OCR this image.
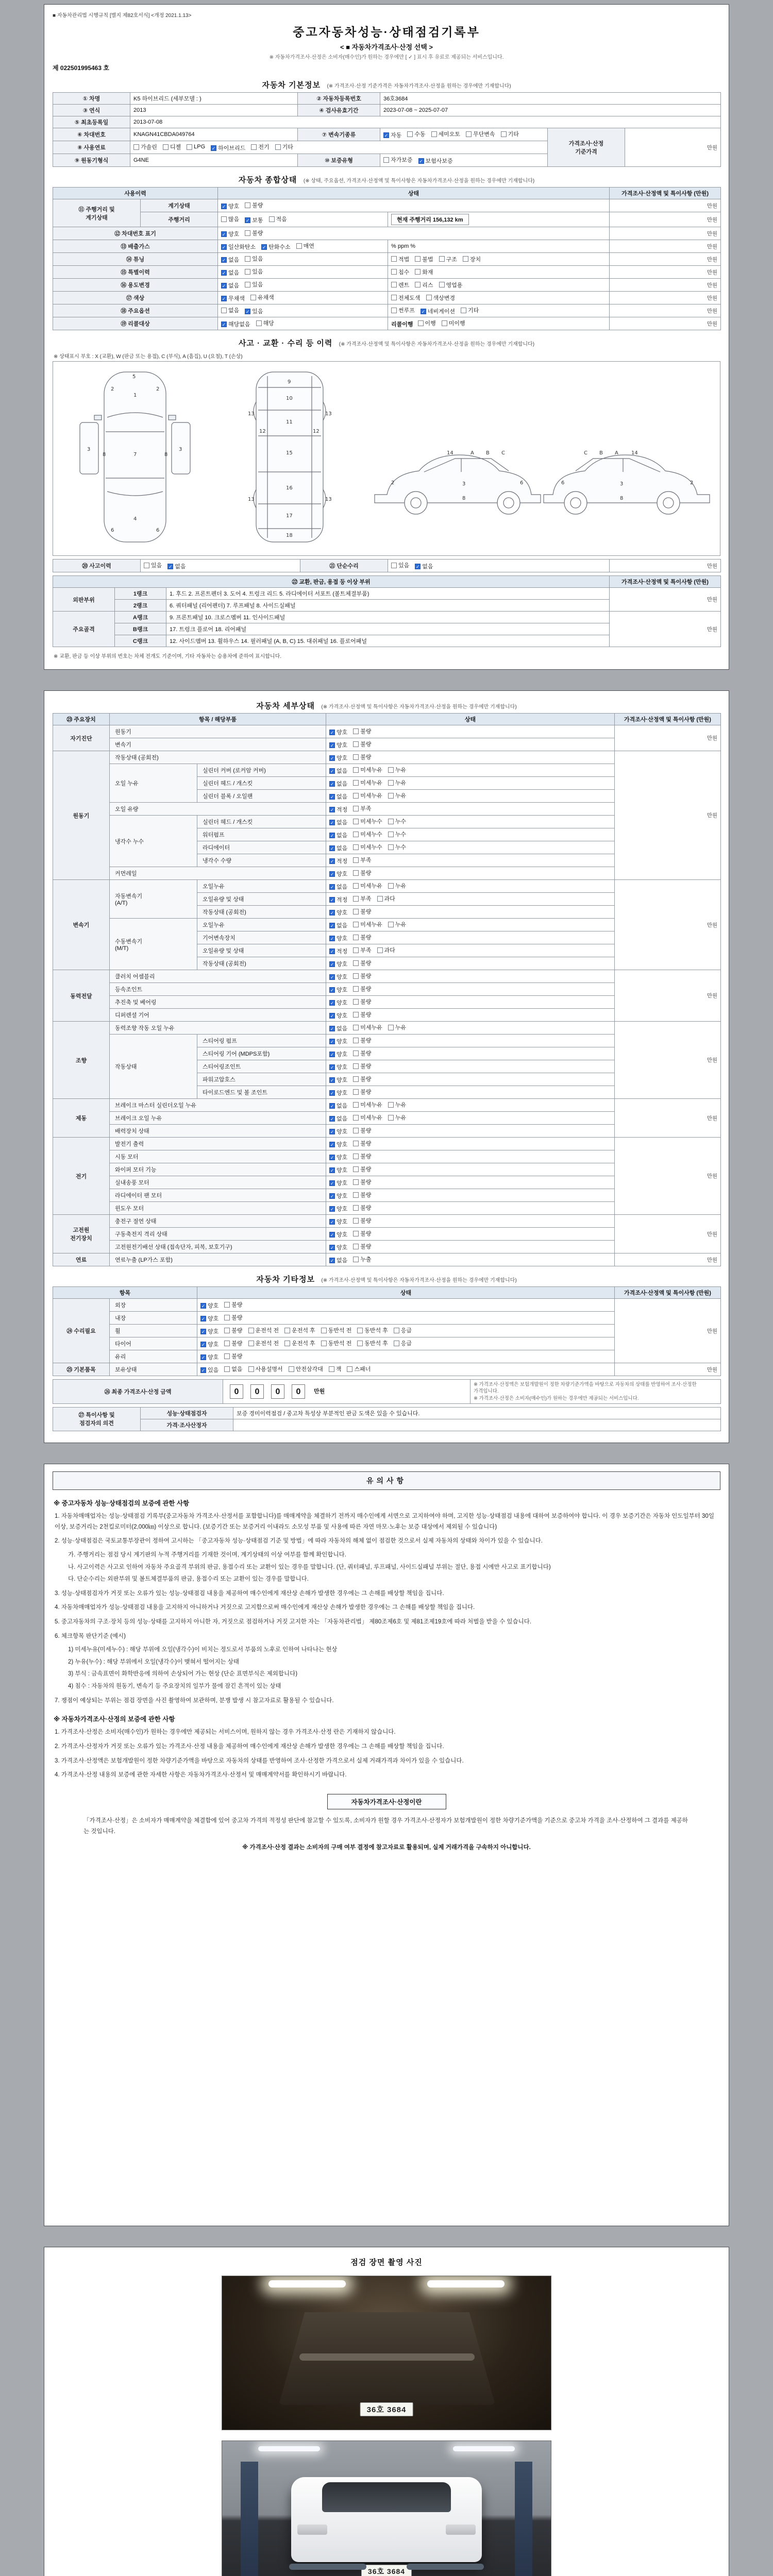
■ 자동차관리법 시행규칙 [별지 제82호서식] <개정 2021.1.13>
중고자동차성능·상태점검기록부
< ■ 자동차가격조사·산정 선택 >
※ 자동차가격조사·산정은 소비자(매수인)가 원하는 경우에만 [ ✓ ] 표시 후 유료로 제공되는 서비스입니다.
제 022501995463 호
자동차 기본정보 (※ 가격조사·산정 기준가격은 자동차가격조사·산정을 원하는 경우에만 기재합니다)
① 차명	K5 하이브리드 (세부모델 : )	② 자동차등록번호	36호3684		
③ 연식	2013	④ 검사유효기간	2023-07-08 ~ 2025-07-07		
⑤ 최초등록일	2013-07-08				
⑥ 차대번호	KNAGN41CBDA049764	⑦ 변속기종류	✓ 자동 수동 세미오토 무단변속 기타
	가격조사·산정
기준가격	만원
⑧ 사용연료	가솔린 디젤 LPG ✓ 하이브리드 전기 기타

⑨ 원동기형식	G4NE	⑩ 보증유형	자가보증 ✓ 보험사보증		
자동차 종합상태 (※ 상태, 주요옵션, 가격조사·산정액 및 특이사항은 자동차가격조사·산정을 원하는 경우에만 기재합니다)
사용이력		상태		가격조사·산정액 및 특이사항 (만원)
⑪ 주행거리 및
계기상태	계기상태	✓ 양호 불량		만원
	주행거리	많음 ✓ 보통 적음	현재 주행거리 156,132 km	만원
⑫ 차대번호 표기		✓ 양호 불량		만원
⑬ 배출가스		✓ 일산화탄소 ✓ 탄화수소 매연	% ppm %	만원
⑭ 튜닝		✓ 없음 있음	적법 불법 구조 장치	만원
⑮ 특별이력		✓ 없음 있음	침수 화재	만원
⑯ 용도변경		✓ 없음 있음	렌트 리스 영업용	만원
⑰ 색상		✓ 무채색 유채색	전체도색 색상변경	만원
⑱ 주요옵션		없음 ✓ 있음	썬루프 ✓ 네비게이션 기타	만원
⑲ 리콜대상		✓ 해당없음 해당	리콜이행 이행 미이행	만원
사고 · 교환 · 수리 등 이력 (※ 가격조사·산정액 및 특이사항은 자동차가격조사·산정을 원하는 경우에만 기재합니다)
※ 상태표시 부호 : X (교환), W (판금 또는 용접), C (부식), A (흠집), U (요철), T (손상)
1
7
4
2	2
3	3
6	6
5
8	8
9
10
11
15
16
17
18
12	12
13	13
13	13
2	3	6
14	A B C
8
2
3
6
14
A
B
C
8
⑳ 사고이력	있음 ✓ 없음	㉑ 단순수리	있음 ✓ 없음	만원
㉒ 교환, 판금, 용접 등 이상 부위			가격조사·산정액 및 특이사항 (만원)
외판부위	1랭크	1. 후드 2. 프론트펜더 3. 도어 4. 트렁크 리드 5. 라디에이터 서포트 (볼트체결부품)	만원
	2랭크	6. 쿼터패널 (리어펜더) 7. 루프패널 8. 사이드실패널	
주요골격	A랭크	9. 프론트패널 10. 크로스멤버 11. 인사이드패널	만원
	B랭크	17. 트렁크 플로어 18. 리어패널	
	C랭크	12. 사이드멤버 13. 휠하우스 14. 필러패널 (A, B, C) 15. 대쉬패널 16. 플로어패널	
※ 교환, 판금 등 이상 부위의 번호는 차체 전개도 기준이며, 기타 자동차는 승용차에 준하여 표시합니다.
자동차 세부상태 (※ 가격조사·산정액 및 특이사항은 자동차가격조사·산정을 원하는 경우에만 기재합니다)
㉓ 주요장치	항목 / 해당부품		상태	가격조사·산정액 및 특이사항 (만원)
자기진단	원동기		✓ 양호 불량	만원
	변속기		✓ 양호 불량	

원동기	작동상태 (공회전)		✓ 양호 불량	만원
	오일 누유	실린더 커버 (로커암 커버)	✓ 없음 미세누유 누유	

		실린더 헤드 / 개스킷	✓ 없음 미세누유 누유	

		실린더 블록 / 오일팬	✓ 없음 미세누유 누유	

	오일 유량		✓ 적정 부족	

	냉각수 누수	실린더 헤드 / 개스킷	✓ 없음 미세누수 누수	

		워터펌프	✓ 없음 미세누수 누수	

		라디에이터	✓ 없음 미세누수 누수	

		냉각수 수량	✓ 적정 부족	

	커먼레일		✓ 양호 불량	

변속기	자동변속기
(A/T)	오일누유	✓ 없음 미세누유 누유	만원
		오일유량 및 상태	✓ 적정 부족 과다	

		작동상태 (공회전)	✓ 양호 불량	

	수동변속기
(M/T)	오일누유	✓ 없음 미세누유 누유	

		기어변속장치	✓ 양호 불량	

		오일유량 및 상태	✓ 적정 부족 과다	

		작동상태 (공회전)	✓ 양호 불량	

동력전달	클러치 어셈블리		✓ 양호 불량	만원
	등속조인트		✓ 양호 불량	

	추진축 및 베어링		✓ 양호 불량	

	디퍼렌셜 기어		✓ 양호 불량	

조향	동력조향 작동 오일 누유		✓ 없음 미세누유 누유	만원
	작동상태	스티어링 펌프	✓ 양호 불량	

		스티어링 기어 (MDPS포함)	✓ 양호 불량	

		스티어링조인트	✓ 양호 불량	

		파워고압호스	✓ 양호 불량	

		타이로드엔드 및 볼 조인트	✓ 양호 불량	

제동	브레이크 마스터 실린더오일 누유		✓ 없음 미세누유 누유	만원
	브레이크 오일 누유		✓ 없음 미세누유 누유	

	배력장치 상태		✓ 양호 불량	

전기	발전기 출력		✓ 양호 불량	만원
	시동 모터		✓ 양호 불량	

	와이퍼 모터 기능		✓ 양호 불량	

	실내송풍 모터		✓ 양호 불량	

	라디에이터 팬 모터		✓ 양호 불량	

	윈도우 모터		✓ 양호 불량	

고전원
전기장치	충전구 절연 상태		✓ 양호 불량	만원
	구동축전지 격리 상태		✓ 양호 불량	

	고전원전기배선 상태 (접속단자, 피복, 보호기구)		✓ 양호 불량	

연료	연료누출 (LP가스 포함)		✓ 없음 누출	만원
자동차 기타정보 (※ 가격조사·산정액 및 특이사항은 자동차가격조사·산정을 원하는 경우에만 기재합니다)
항목		상태	가격조사·산정액 및 특이사항 (만원)
㉔ 수리필요	외장	✓ 양호 불량	만원
	내장	✓ 양호 불량	

휠	✓ 양호 불량 운전석 전 운전석 후 동반석 전 동반석 후 응급

타이어	✓ 양호 불량 운전석 전 운전석 후 동반석 전 동반석 후 응급

	유리	✓ 양호 불량	

㉕ 기본품목	보유상태	✓ 있음 없음 사용설명서 안전삼각대 잭 스패너	만원
㉖ 최종 가격조사·산정 금액	0 0 0 0 만원	※ 가격조사·산정액은 보험개발원이 정한 차량기준가액을 바탕으로 자동차의 상태를 반영하여 조사·산정한 가격입니다.
※ 가격조사·산정은 소비자(매수인)가 원하는 경우에만 제공되는 서비스입니다.
㉗ 특이사항 및
점검자의 의견	성능·상태점검자	보증 경미이력점검 / 중고차 특성상 부분적인 판금 도색은 있을 수 있습니다.
	가격·조사산정자	
유의사항
※ 중고자동차 성능·상태점검의 보증에 관한 사항
1. 자동차매매업자는 성능·상태점검 기록부(중고자동차 가격조사·산정서를 포함합니다)를 매매계약을 체결하기 전까지 매수인에게 서면으로 고지하여야 하며, 고지한 성능·상태점검 내용에 대하여 보증하여야 합니다. 이 경우 보증기간은 자동차 인도일부터 30일 이상, 보증거리는 2천킬로미터(2,000㎞) 이상으로 합니다. (보증기간 또는 보증거리 이내라도 소모성 부품 및 사용에 따른 자연 마모·노후는 보증 대상에서 제외될 수 있습니다)
2. 성능·상태점검은 국토교통부장관이 정하여 고시하는 「중고자동차 성능·상태점검 기준 및 방법」에 따라 자동차의 해체 없이 점검한 것으로서 실제 자동차의 상태와 차이가 있을 수 있습니다.
가. 주행거리는 점검 당시 계기판의 누적 주행거리를 기재한 것이며, 계기상태의 이상 여부를 함께 확인합니다.
나. 사고이력은 사고로 인하여 자동차 주요골격 부위의 판금, 용접수리 또는 교환이 있는 경우를 말합니다. (단, 쿼터패널, 루프패널, 사이드실패널 부위는 절단, 용접 시에만 사고로 표기합니다)
다. 단순수리는 외판부위 및 볼트체결부품의 판금, 용접수리 또는 교환이 있는 경우를 말합니다.
3. 성능·상태점검자가 거짓 또는 오류가 있는 성능·상태점검 내용을 제공하여 매수인에게 재산상 손해가 발생한 경우에는 그 손해를 배상할 책임을 집니다.
4. 자동차매매업자가 성능·상태점검 내용을 고지하지 아니하거나 거짓으로 고지함으로써 매수인에게 재산상 손해가 발생한 경우에는 그 손해를 배상할 책임을 집니다.
5. 중고자동차의 구조·장치 등의 성능·상태를 고지하지 아니한 자, 거짓으로 점검하거나 거짓 고지한 자는 「자동차관리법」 제80조제6호 및 제81조제19호에 따라 처벌을 받을 수 있습니다.
6. 체크항목 판단기준 (예시)
1) 미세누유(미세누수) : 해당 부위에 오일(냉각수)이 비치는 정도로서 부품의 노후로 인하여 나타나는 현상
2) 누유(누수) : 해당 부위에서 오일(냉각수)이 맺혀서 떨어지는 상태
3) 부식 : 금속표면이 화학반응에 의하여 손상되어 가는 현상 (단순 표면부식은 제외합니다)
4) 침수 : 자동차의 원동기, 변속기 등 주요장치의 일부가 물에 잠긴 흔적이 있는 상태
7. 쟁점이 예상되는 부위는 점검 장면을 사진 촬영하여 보관하며, 분쟁 발생 시 참고자료로 활용될 수 있습니다.
※ 자동차가격조사·산정의 보증에 관한 사항
1. 가격조사·산정은 소비자(매수인)가 원하는 경우에만 제공되는 서비스이며, 원하지 않는 경우 가격조사·산정 란은 기재하지 않습니다.
2. 가격조사·산정자가 거짓 또는 오류가 있는 가격조사·산정 내용을 제공하여 매수인에게 재산상 손해가 발생한 경우에는 그 손해를 배상할 책임을 집니다.
3. 가격조사·산정액은 보험개발원이 정한 차량기준가액을 바탕으로 자동차의 상태를 반영하여 조사·산정한 가격으로서 실제 거래가격과 차이가 있을 수 있습니다.
4. 가격조사·산정 내용의 보증에 관한 자세한 사항은 자동차가격조사·산정서 및 매매계약서를 확인하시기 바랍니다.
자동차가격조사·산정이란
「가격조사·산정」은 소비자가 매매계약을 체결함에 있어 중고차 가격의 적정성 판단에 참고할 수 있도록, 소비자가 원할 경우 가격조사·산정자가 보험개발원이 정한 차량기준가액을 기준으로 중고차 가격을 조사·산정하여 그 결과를 제공하는 것입니다.
※ 가격조사·산정 결과는 소비자의 구매 여부 결정에 참고자료로 활용되며, 실제 거래가격을 구속하지 아니합니다.
점검 장면 촬영 사진
36호 3684
36호 3684
